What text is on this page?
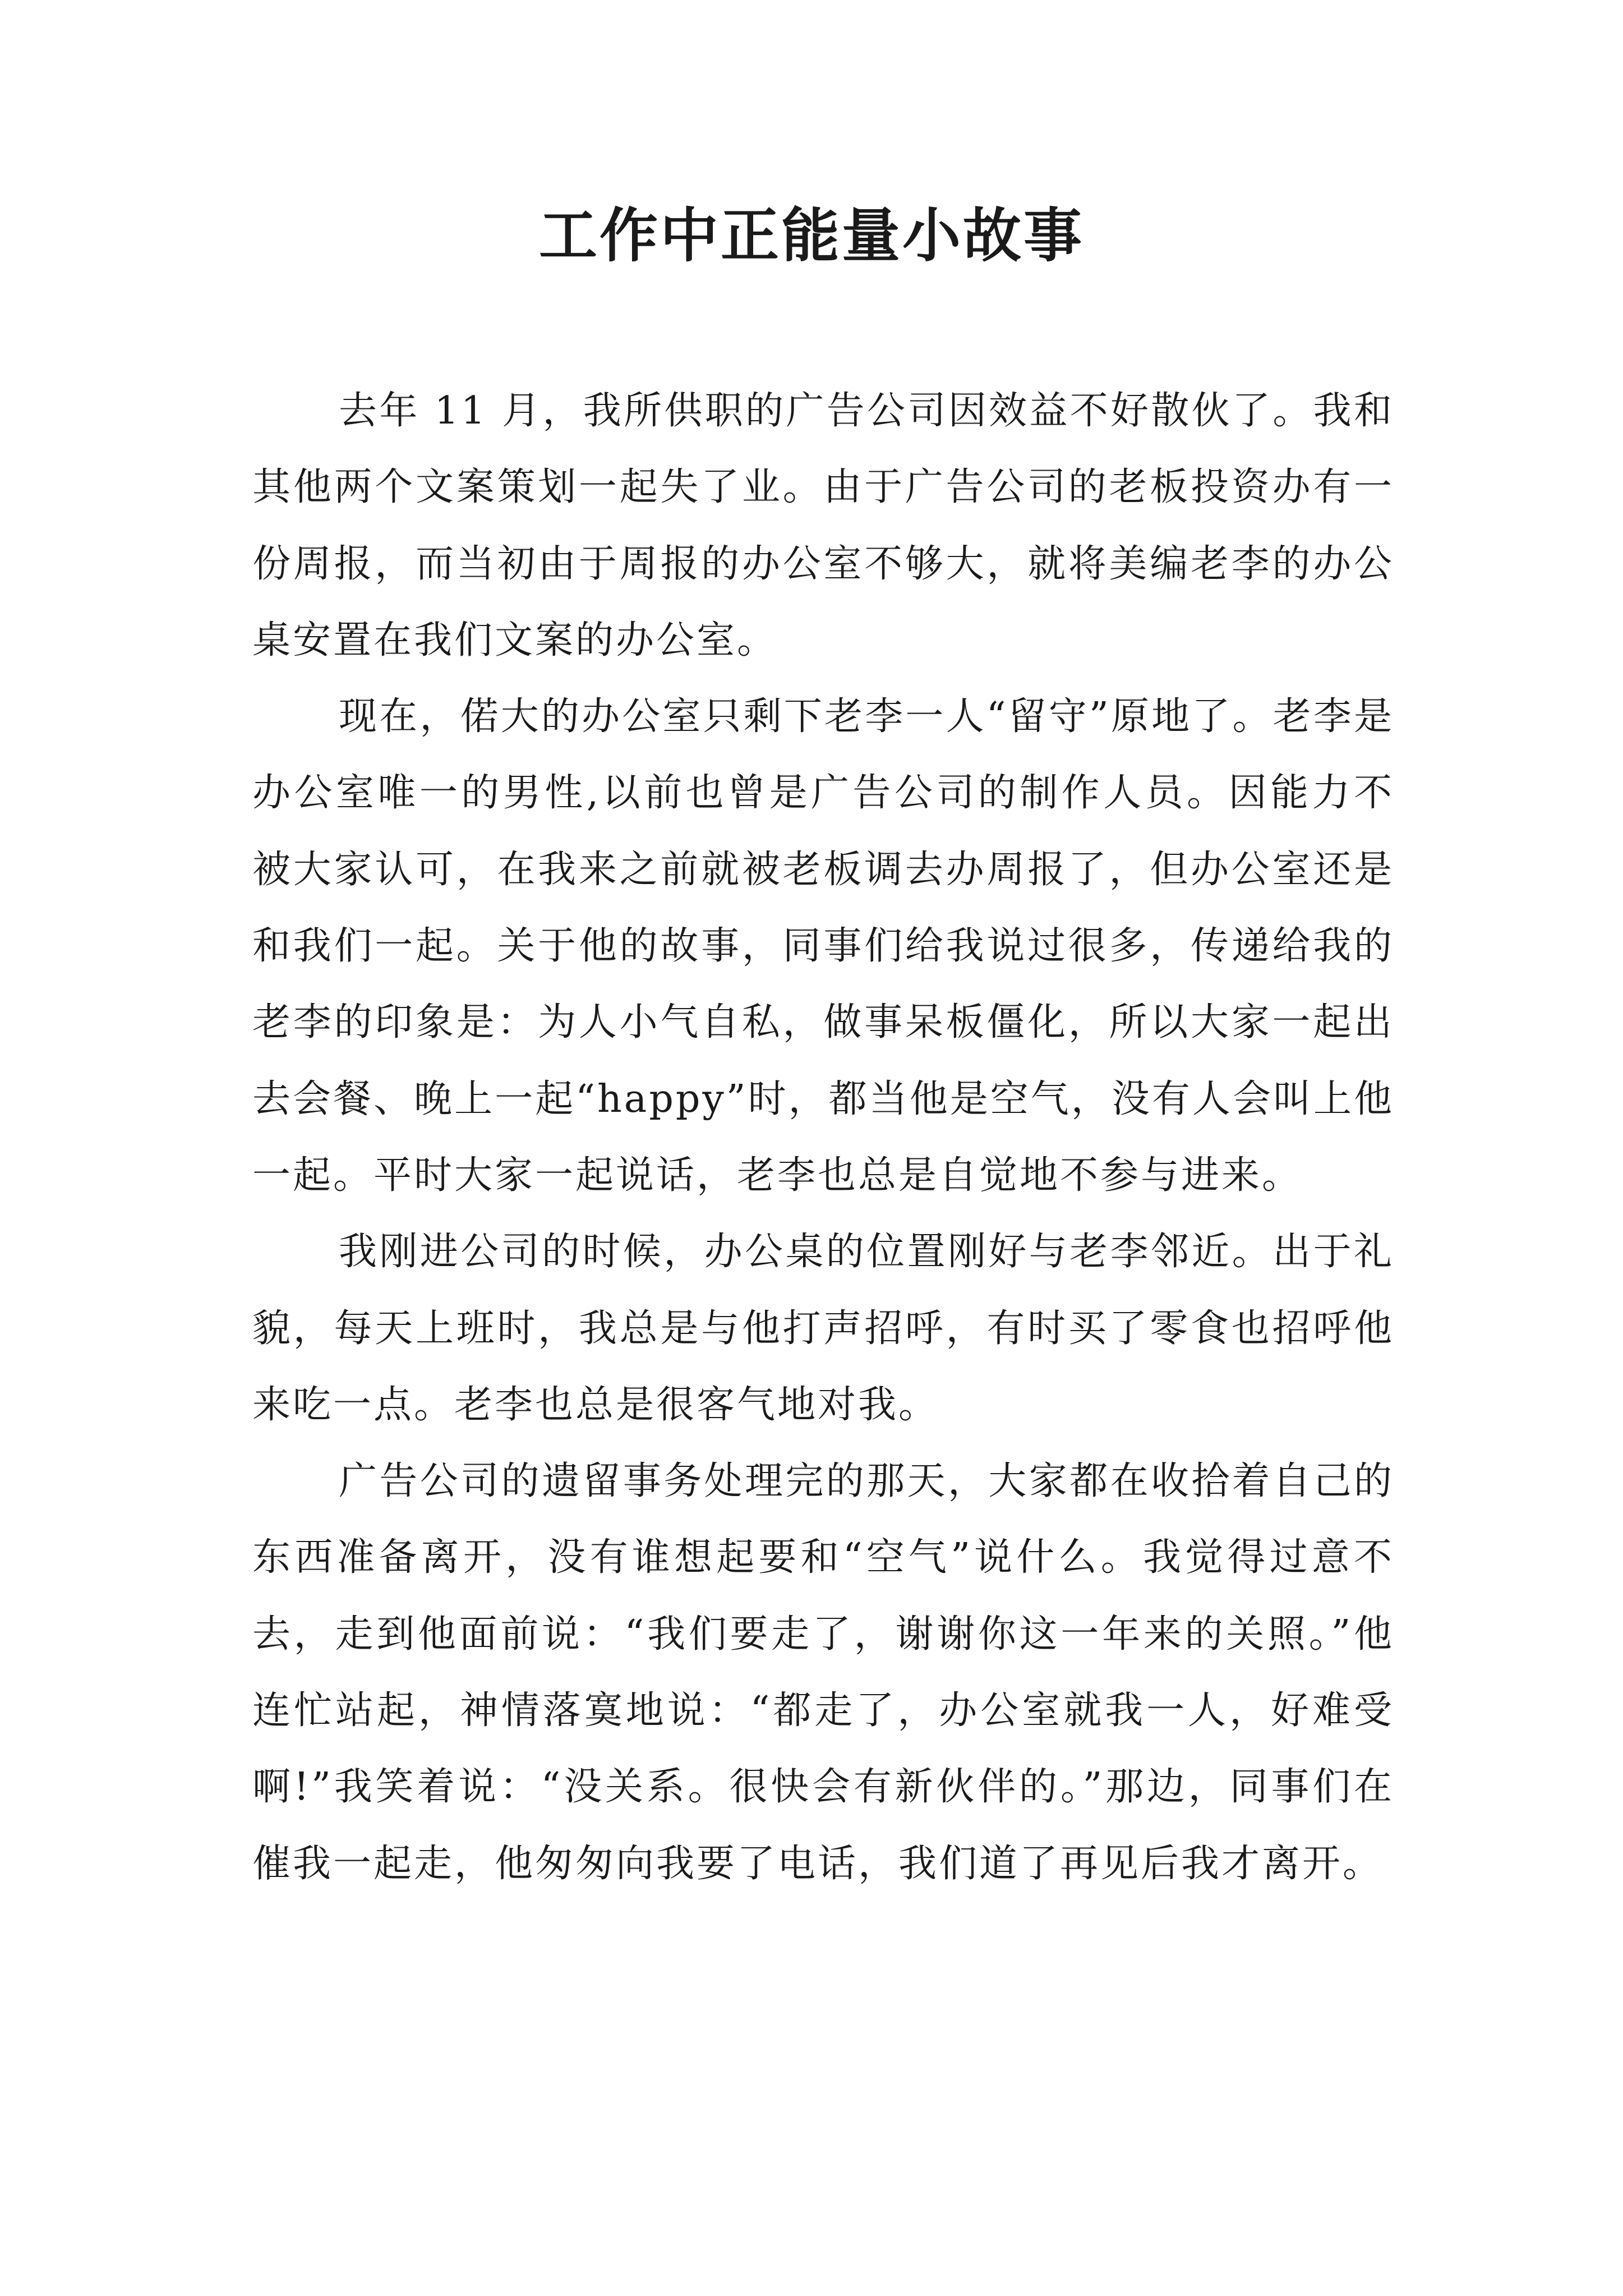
工作中正能量小故事

去年 11 月，我所供职的广告公司因效益不好散伙了。我和其他两个文案策划一起失了业。由于广告公司的老板投资办有一份周报，而当初由于周报的办公室不够大，就将美编老李的办公桌安置在我们文案的办公室。

现在，偌大的办公室只剩下老李一人“留守”原地了。老李是办公室唯一的男性,以前也曾是广告公司的制作人员。因能力不被大家认可，在我来之前就被老板调去办周报了，但办公室还是和我们一起。关于他的故事，同事们给我说过很多，传递给我的老李的印象是：为人小气自私，做事呆板僵化，所以大家一起出去会餐、晚上一起“happy”时，都当他是空气，没有人会叫上他一起。平时大家一起说话，老李也总是自觉地不参与进来。

我刚进公司的时候，办公桌的位置刚好与老李邻近。出于礼貌，每天上班时，我总是与他打声招呼，有时买了零食也招呼他来吃一点。老李也总是很客气地对我。

广告公司的遗留事务处理完的那天，大家都在收拾着自己的东西准备离开，没有谁想起要和“空气”说什么。我觉得过意不去，走到他面前说：“我们要走了，谢谢你这一年来的关照。”他连忙站起，神情落寞地说：“都走了，办公室就我一人，好难受啊!”我笑着说：“没关系。很快会有新伙伴的。”那边，同事们在催我一起走，他匆匆向我要了电话，我们道了再见后我才离开。
